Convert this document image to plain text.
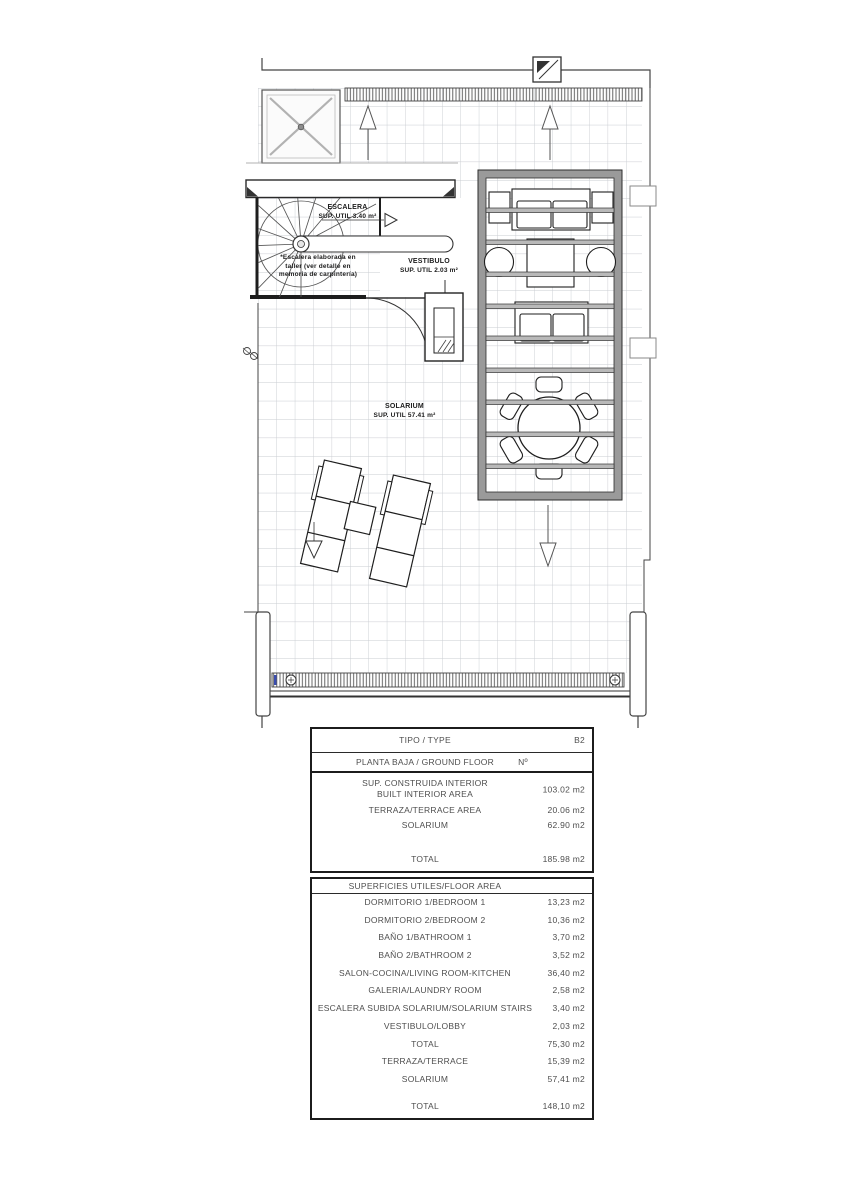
ESCALERA
SUP. UTIL 3.40 m²
*Escalera elaborada en
taller (ver detalle en
memoria de carpintería)
VESTIBULO
SUP. UTIL 2.03 m²
SOLARIUM
SUP. UTIL 57.41 m²
TIPO / TYPE	B2
PLANTA BAJA / GROUND FLOOR	Nº
SUP. CONSTRUIDA INTERIOR
BUILT INTERIOR AREA	103.02 m2
TERRAZA/TERRACE AREA	20.06 m2
SOLARIUM	62.90 m2
TOTAL	185.98 m2
SUPERFICIES UTILES/FLOOR AREA
DORMITORIO 1/BEDROOM 1	13,23 m2
DORMITORIO 2/BEDROOM 2	10,36 m2
BAÑO 1/BATHROOM 1	3,70 m2
BAÑO 2/BATHROOM 2	3,52 m2
SALON-COCINA/LIVING ROOM-KITCHEN	36,40 m2
GALERIA/LAUNDRY ROOM	2,58 m2
ESCALERA SUBIDA SOLARIUM/SOLARIUM STAIRS	3,40 m2
VESTIBULO/LOBBY	2,03 m2
TOTAL	75,30 m2
TERRAZA/TERRACE	15,39 m2
SOLARIUM	57,41 m2
TOTAL	148,10 m2
